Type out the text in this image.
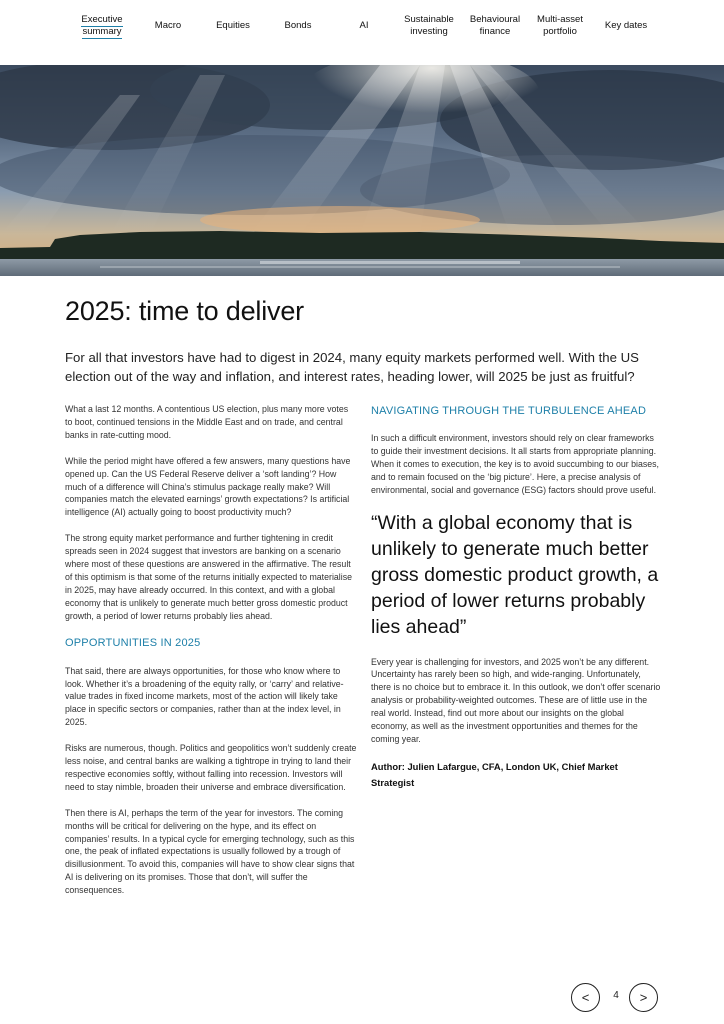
Executive
summary
Macro	Equities	Bonds	AI
Sustainable
investing
Behavioural
finance
Multi-asset
portfolio
Key dates
2025: time to deliver

For all that investors have had to digest in 2024, many equity markets performed well. With the US election out of the way and inflation, and interest rates, heading lower, will 2025 be just as fruitful?

What a last 12 months. A contentious US election, plus many more votes to boot, continued tensions in the Middle East and on trade, and central banks in rate-cutting mood.

While the period might have offered a few answers, many questions have opened up. Can the US Federal Reserve deliver a ‘soft landing’? How much of a difference will China’s stimulus package really make? Will companies match the elevated earnings’ growth expectations? Is artificial intelligence (AI) actually going to boost productivity much?

The strong equity market performance and further tightening in credit spreads seen in 2024 suggest that investors are banking on a scenario where most of these questions are answered in the affirmative. The result of this optimism is that some of the returns initially expected to materialise in 2025, may have already occurred. In this context, and with a global economy that is unlikely to generate much better gross domestic product growth, a period of lower returns probably lies ahead.

OPPORTUNITIES IN 2025

That said, there are always opportunities, for those who know where to look. Whether it’s a broadening of the equity rally, or ‘carry’ and relative-value trades in fixed income markets, most of the action will likely take place in specific sectors or companies, rather than at the index level, in 2025.

Risks are numerous, though. Politics and geopolitics won’t suddenly create less noise, and central banks are walking a tightrope in trying to land their respective economies softly, without falling into recession. Investors will need to stay nimble, broaden their universe and embrace diversification.

Then there is AI, perhaps the term of the year for investors. The coming months will be critical for delivering on the hype, and its effect on companies’ results. In a typical cycle for emerging technology, such as this one, the peak of inflated expectations is usually followed by a trough of disillusionment. To avoid this, companies will have to show clear signs that AI is delivering on its promises. Those that don’t, will suffer the consequences.

NAVIGATING THROUGH THE TURBULENCE AHEAD

In such a difficult environment, investors should rely on clear frameworks to guide their investment decisions. It all starts from appropriate planning. When it comes to execution, the key is to avoid succumbing to our biases, and to remain focused on the ‘big picture’. Here, a precise analysis of environmental, social and governance (ESG) factors should prove useful.

“With a global economy that is unlikely to generate much better gross domestic product growth, a period of lower returns probably lies ahead”

Every year is challenging for investors, and 2025 won’t be any different. Uncertainty has rarely been so high, and wide-ranging. Unfortunately, there is no choice but to embrace it. In this outlook, we don’t offer scenario analysis or probability-weighted outcomes. These are of little use in the real world. Instead, find out more about our insights on the global economy, as well as the investment opportunities and themes for the coming year.

Author: Julien Lafargue, CFA, London UK, Chief Market Strategist

<	4	>
